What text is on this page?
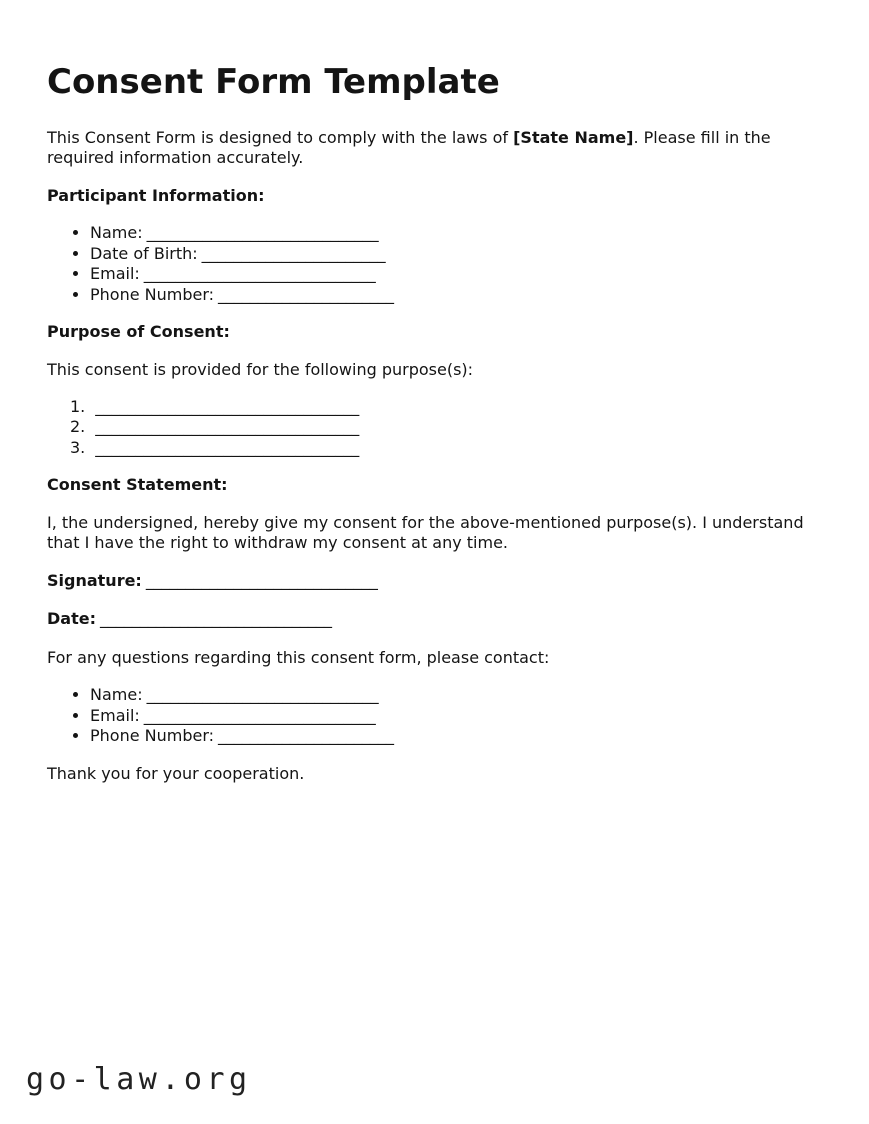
Consent Form Template

This Consent Form is designed to comply with the laws of [State Name]. Please fill in the required information accurately.

Participant Information:
• Name: _____________________________
• Date of Birth: _______________________
• Email: _____________________________
• Phone Number: ______________________
Purpose of Consent:

This consent is provided for the following purpose(s):

1. _________________________________
2. _________________________________
3. _________________________________
Consent Statement:

I, the undersigned, hereby give my consent for the above-mentioned purpose(s). I understand that I have the right to withdraw my consent at any time.

Signature: _____________________________

Date: _____________________________

For any questions regarding this consent form, please contact:

• Name: _____________________________
• Email: _____________________________
• Phone Number: ______________________

Thank you for your cooperation.

go-law.org
